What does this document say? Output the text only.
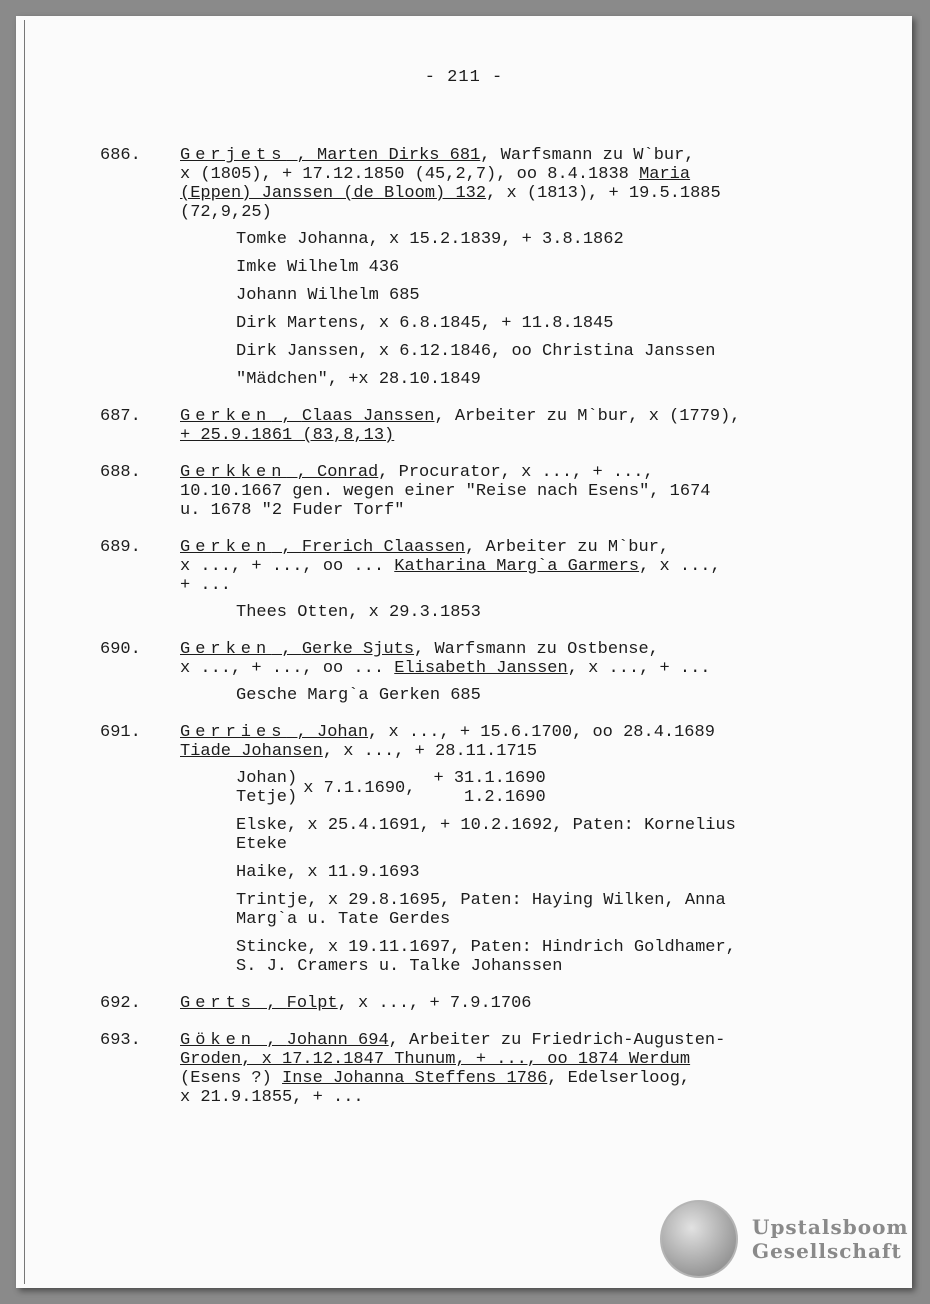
- 211 -
686. Gerjets , Marten Dirks 681, Warfsmann zu W`bur,
x (1805), + 17.12.1850 (45,2,7), oo 8.4.1838 Maria
(Eppen) Janssen (de Bloom) 132, x (1813), + 19.5.1885
(72,9,25)
Tomke Johanna, x 15.2.1839, + 3.8.1862
Imke Wilhelm 436
Johann Wilhelm 685
Dirk Martens, x 6.8.1845, + 11.8.1845
Dirk Janssen, x 6.12.1846, oo Christina Janssen
"Mädchen", +x 28.10.1849
687. Gerken , Claas Janssen, Arbeiter zu M`bur, x (1779),
+ 25.9.1861 (83,8,13)
688. Gerkken , Conrad, Procurator, x ..., + ...,
10.10.1667 gen. wegen einer "Reise nach Esens", 1674
u. 1678 "2 Fuder Torf"
689. Gerken , Frerich Claassen, Arbeiter zu M`bur,
x ..., + ..., oo ... Katharina Marg`a Garmers, x ...,
+ ...
Thees Otten, x 29.3.1853
690. Gerken , Gerke Sjuts, Warfsmann zu Ostbense,
x ..., + ..., oo ... Elisabeth Janssen, x ..., + ...
Gesche Marg`a Gerken 685
691. Gerries , Johan, x ..., + 15.6.1700, oo 28.4.1689
Tiade Johansen, x ..., + 28.11.1715
Johan)
Tetje) x 7.1.1690, + 31.1.1690
1.2.1690
Elske, x 25.4.1691, + 10.2.1692, Paten: Kornelius
Eteke
Haike, x 11.9.1693
Trintje, x 29.8.1695, Paten: Haying Wilken, Anna
Marg`a u. Tate Gerdes
Stincke, x 19.11.1697, Paten: Hindrich Goldhamer,
S. J. Cramers u. Talke Johanssen
692. Gerts , Folpt, x ..., + 7.9.1706
693. Göken , Johann 694, Arbeiter zu Friedrich-Augusten-
Groden, x 17.12.1847 Thunum, + ..., oo 1874 Werdum
(Esens ?) Inse Johanna Steffens 1786, Edelserloog,
x 21.9.1855, + ...
Upstalsboom
Gesellschaft
